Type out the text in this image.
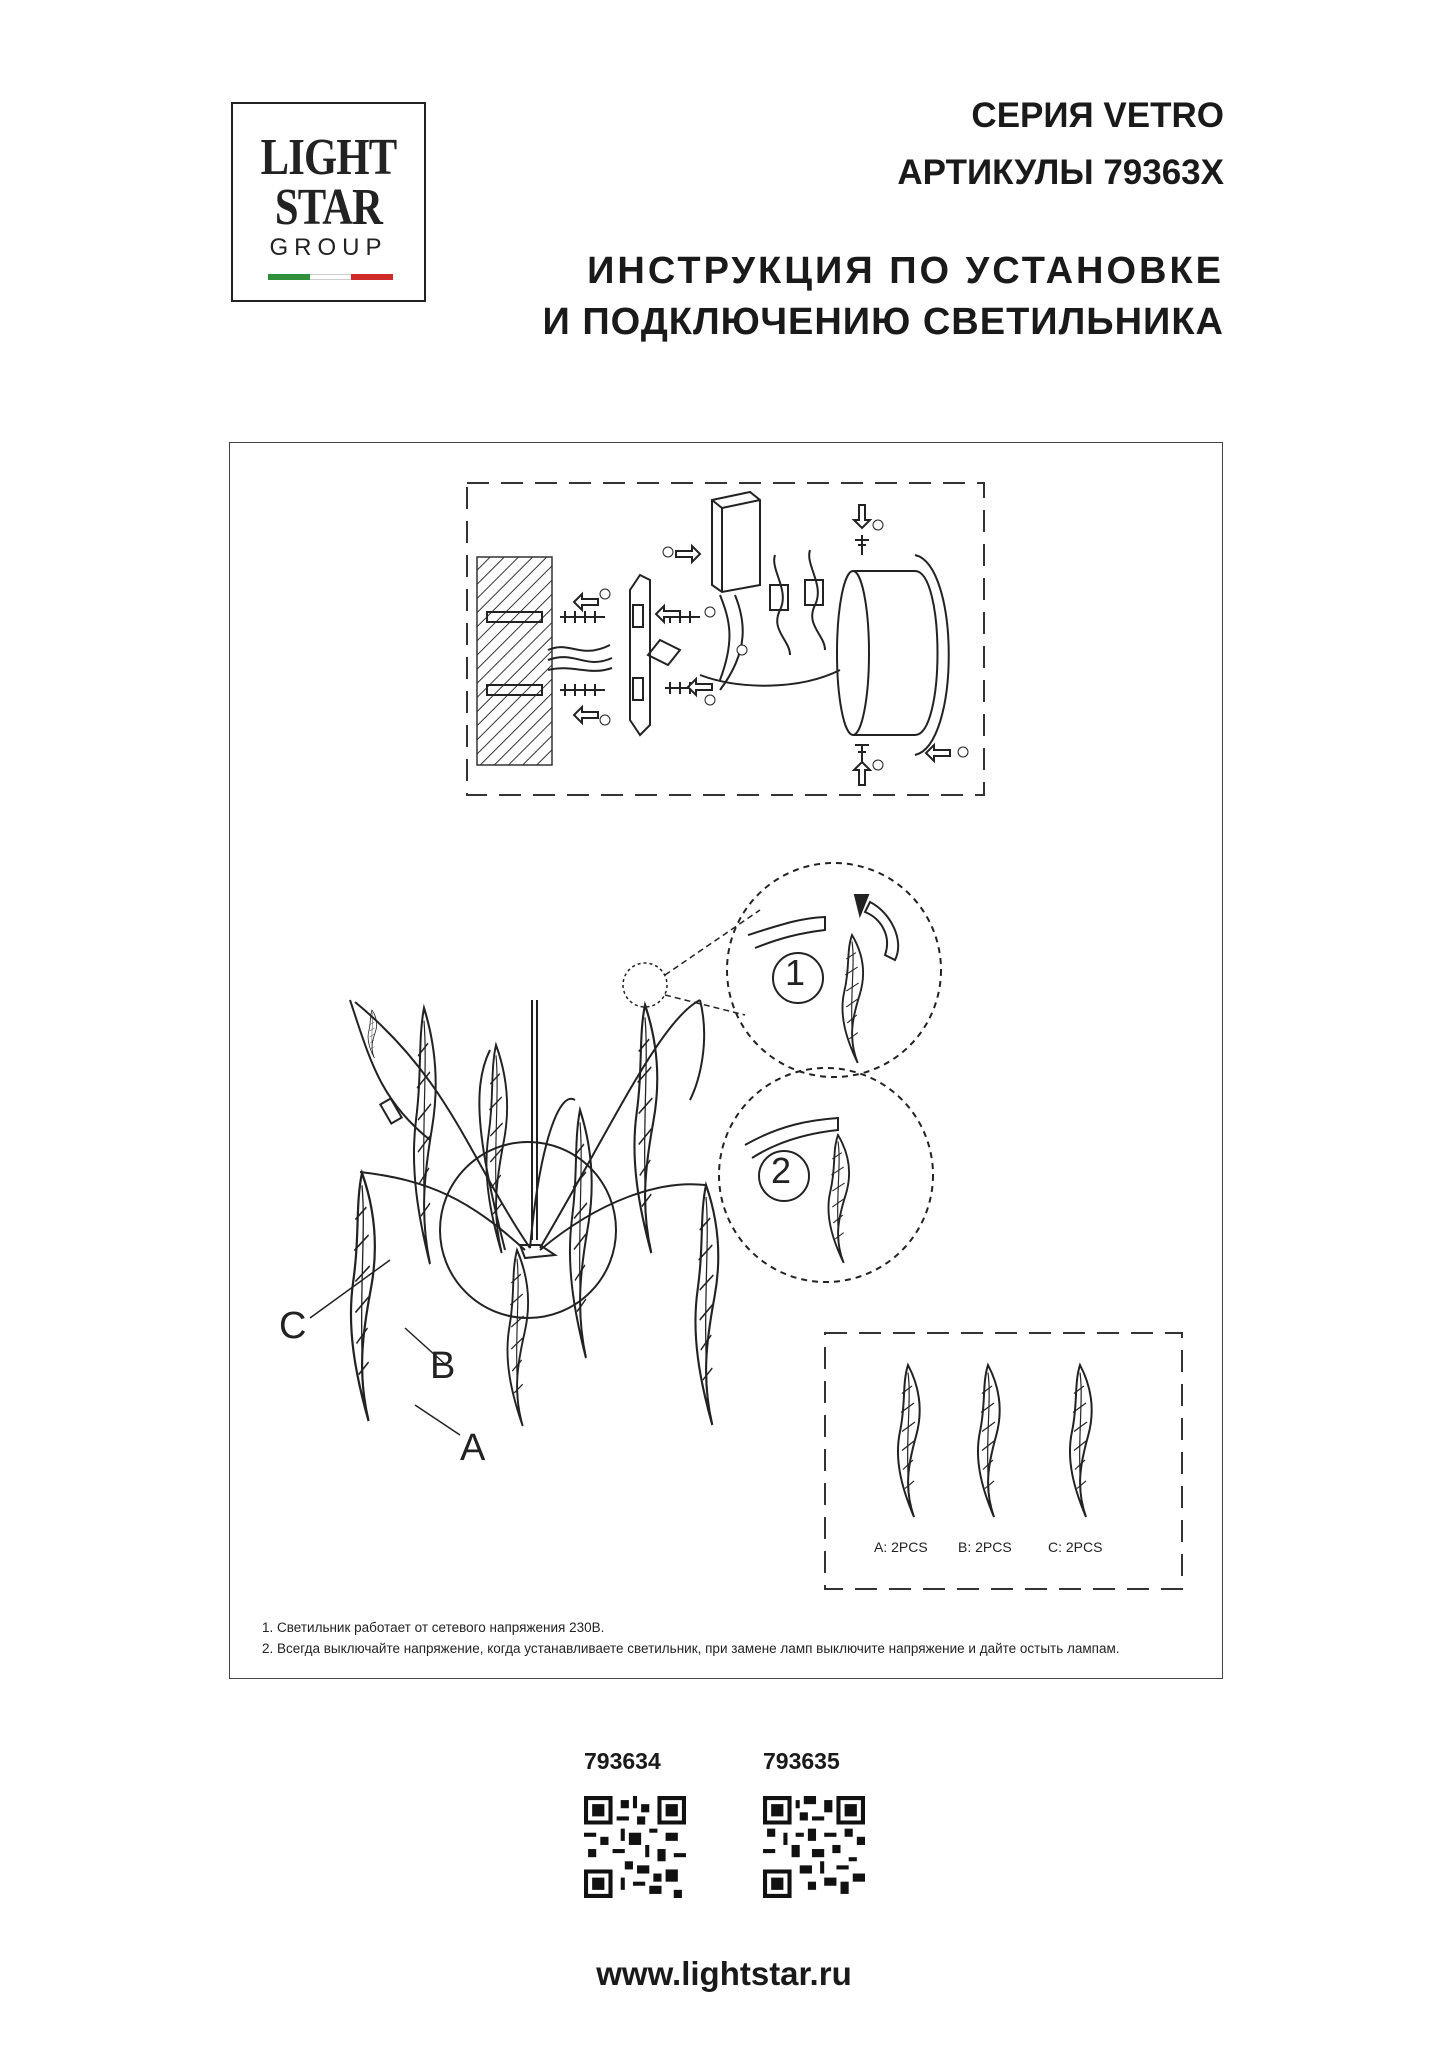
LIGHT
STAR
GROUP
СЕРИЯ VETRO
АРТИКУЛЫ 79363X
ИНСТРУКЦИЯ ПО УСТАНОВКЕ
И ПОДКЛЮЧЕНИЮ СВЕТИЛЬНИКА
1
2
C
B
A
A: 2PCS B: 2PCS	C: 2PCS
1. Светильник работает от сетевого напряжения 230В.
2. Всегда выключайте напряжение, когда устанавливаете светильник, при замене ламп выключите напряжение и дайте остыть лампам.
793634	793635
www.lightstar.ru
